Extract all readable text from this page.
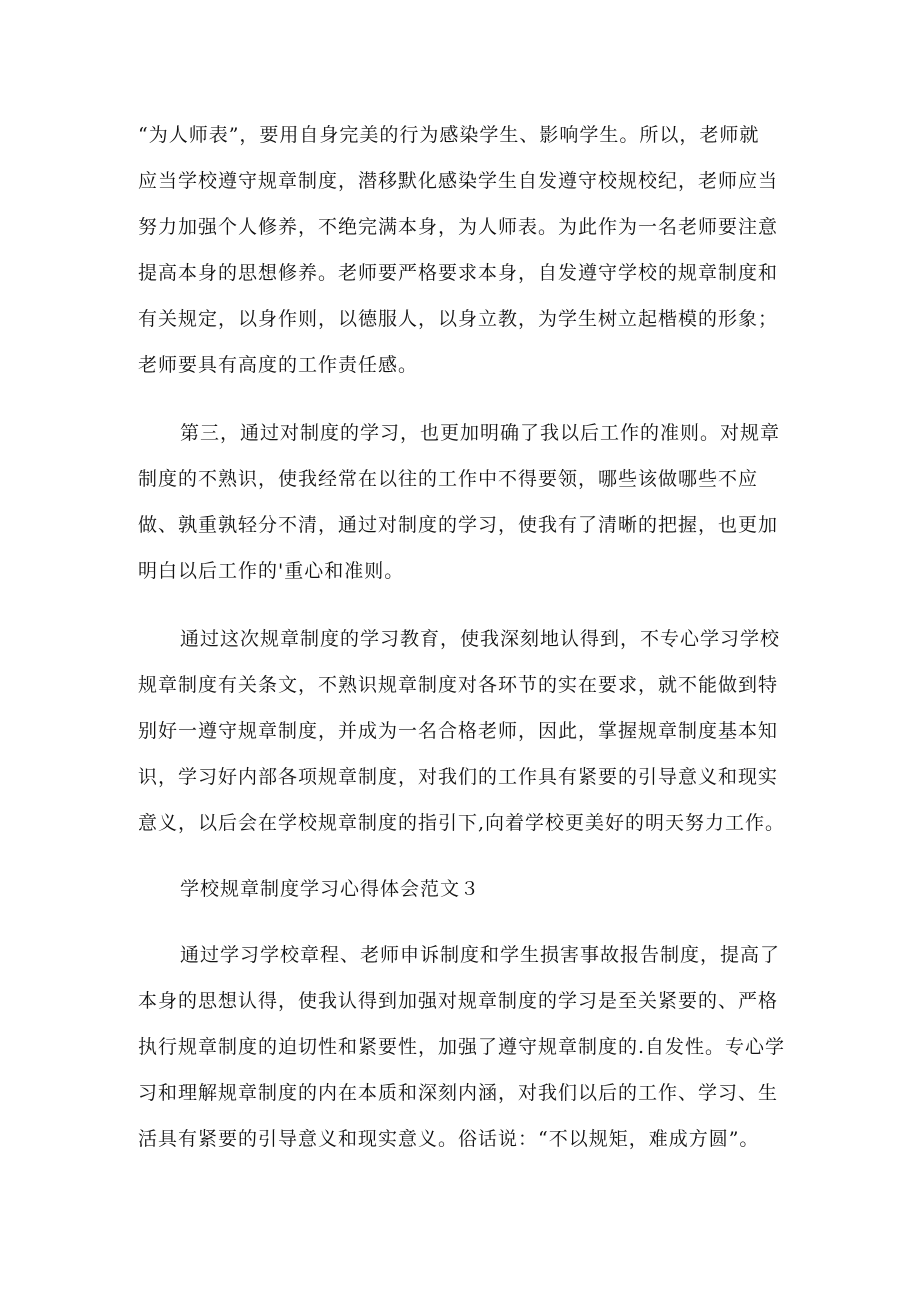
“为人师表”，要用自身完美的行为感染学生、影响学生。所以，老师就
应当学校遵守规章制度，潜移默化感染学生自发遵守校规校纪，老师应当
努力加强个人修养，不绝完满本身，为人师表。为此作为一名老师要注意
提高本身的思想修养。老师要严格要求本身，自发遵守学校的规章制度和
有关规定，以身作则，以德服人，以身立教，为学生树立起楷模的形象；
老师要具有高度的工作责任感。
第三，通过对制度的学习，也更加明确了我以后工作的准则。对规章
制度的不熟识，使我经常在以往的工作中不得要领，哪些该做哪些不应
做、孰重孰轻分不清，通过对制度的学习，使我有了清晰的把握，也更加
明白以后工作的'重心和准则。
通过这次规章制度的学习教育，使我深刻地认得到，不专心学习学校
规章制度有关条文，不熟识规章制度对各环节的实在要求，就不能做到特
别好一遵守规章制度，并成为一名合格老师，因此，掌握规章制度基本知
识，学习好内部各项规章制度，对我们的工作具有紧要的引导意义和现实
意义，以后会在学校规章制度的指引下,向着学校更美好的明天努力工作。
学校规章制度学习心得体会范文３
通过学习学校章程、老师申诉制度和学生损害事故报告制度，提高了
本身的思想认得，使我认得到加强对规章制度的学习是至关紧要的、严格
执行规章制度的迫切性和紧要性，加强了遵守规章制度的.自发性。专心学
习和理解规章制度的内在本质和深刻内涵，对我们以后的工作、学习、生
活具有紧要的引导意义和现实意义。俗话说：“不以规矩，难成方圆”。
